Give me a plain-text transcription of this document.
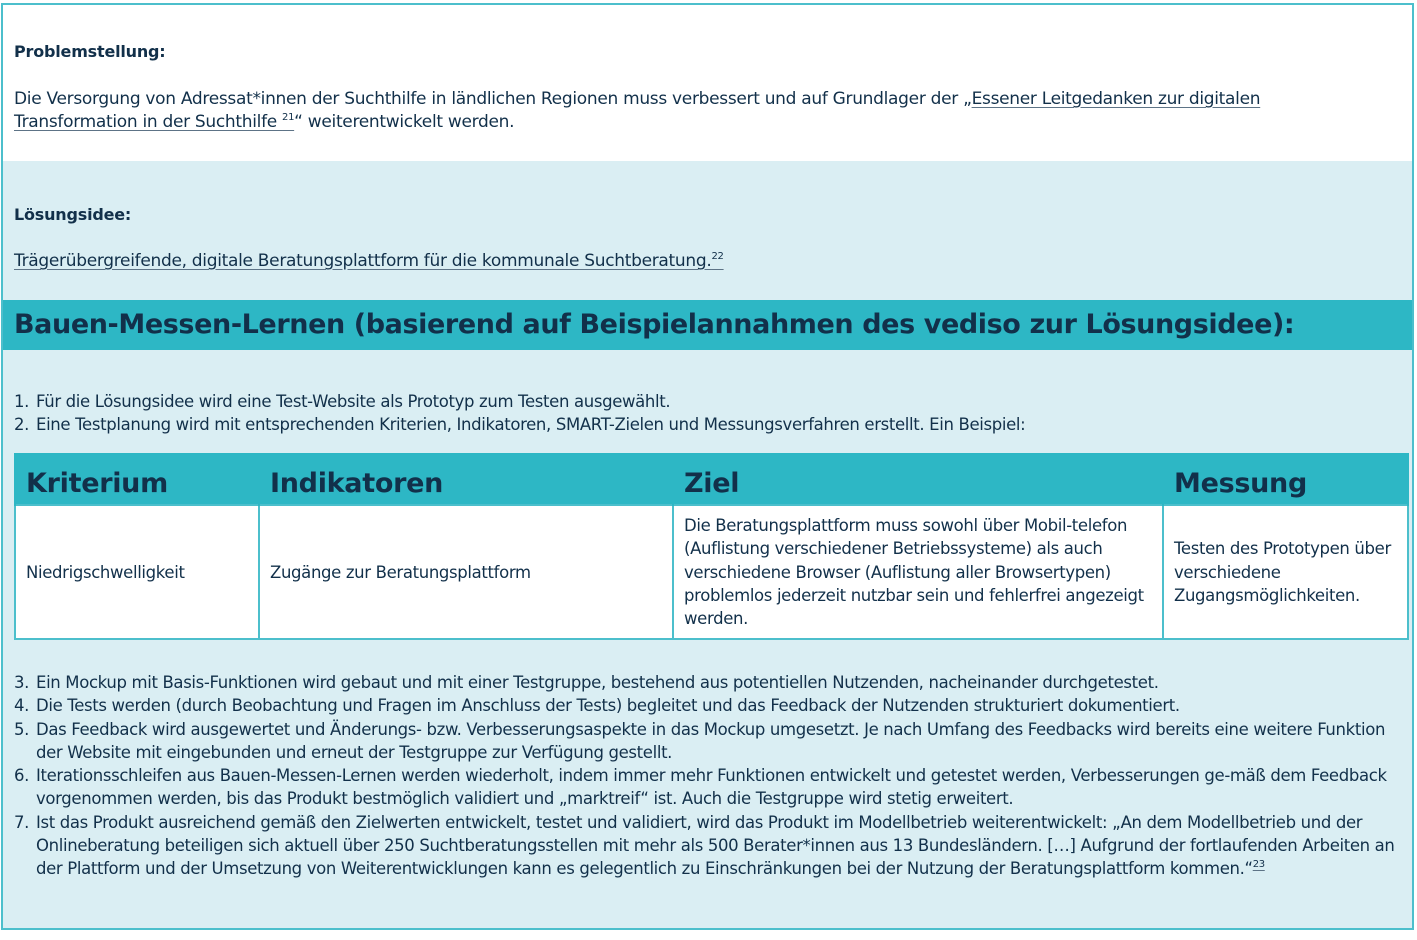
Problemstellung:

Die Versorgung von Adressat*innen der Suchthilfe in ländlichen Regionen muss verbessert und auf Grundlager der „Essener Leitgedanken zur digitalen
Transformation in der Suchthilfe $^{21}$“ weiterentwickelt werden.

Lösungsidee:

Trägerübergreifende, digitale Beratungsplattform für die kommunale Suchtberatung.$^{22}$

Bauen-Messen-Lernen (basierend auf Beispielannahmen des vediso zur Lösungsidee):
1. Für die Lösungsidee wird eine Test-Website als Prototyp zum Testen ausgewählt.
2. Eine Testplanung wird mit entsprechenden Kriterien, Indikatoren, SMART-Zielen und Messungsverfahren erstellt. Ein Beispiel:
Kriterium	Indikatoren	Ziel	Messung
Niedrigschwelligkeit	Zugänge zur Beratungsplattform	Die Beratungsplattform muss sowohl über Mobil-telefon (Auflistung verschiedener Betriebssysteme) als auch verschiedene Browser (Auflistung aller Browsertypen) problemlos jederzeit nutzbar sein und fehlerfrei angezeigt werden.	Testen des Prototypen über verschiedene Zugangsmöglichkeiten.
3. Ein Mockup mit Basis-Funktionen wird gebaut und mit einer Testgruppe, bestehend aus potentiellen Nutzenden, nacheinander durchgetestet.
4. Die Tests werden (durch Beobachtung und Fragen im Anschluss der Tests) begleitet und das Feedback der Nutzenden strukturiert dokumentiert.
5. Das Feedback wird ausgewertet und Änderungs- bzw. Verbesserungsaspekte in das Mockup umgesetzt. Je nach Umfang des Feedbacks wird bereits eine weitere Funktion der Website mit eingebunden und erneut der Testgruppe zur Verfügung gestellt.
6. Iterationsschleifen aus Bauen-Messen-Lernen werden wiederholt, indem immer mehr Funktionen entwickelt und getestet werden, Verbesserungen ge-mäß dem Feedback vorgenommen werden, bis das Produkt bestmöglich validiert und „marktreif“ ist. Auch die Testgruppe wird stetig erweitert.
7. Ist das Produkt ausreichend gemäß den Zielwerten entwickelt, testet und validiert, wird das Produkt im Modellbetrieb weiterentwickelt: „An dem Modellbetrieb und der Onlineberatung beteiligen sich aktuell über 250 Suchtberatungsstellen mit mehr als 500 Berater*innen aus 13 Bundesländern. […] Aufgrund der fortlaufenden Arbeiten an der Plattform und der Umsetzung von Weiterentwicklungen kann es gelegentlich zu Einschränkungen bei der Nutzung der Beratungsplattform kommen.“$^{23}$
